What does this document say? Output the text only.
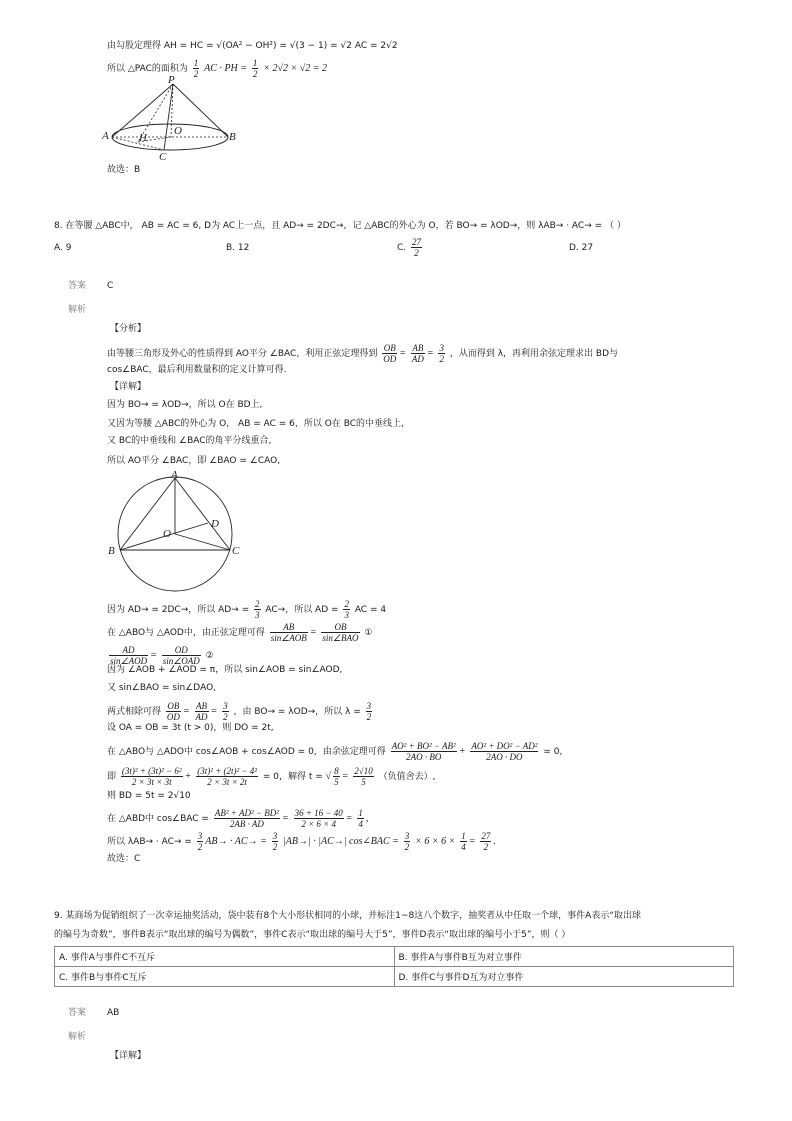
由勾股定理得 AH = HC = √(OA² − OH²) = √(3 − 1) = √2 AC = 2√2
所以 △PAC的面积为 $\frac{1}{2}$ AC · PH = $\frac{1}{2} \times 2√2 \times √2 = 2$
P
A	H
O	B
C
故选：B
8. 在等腰 △ABC中， AB = AC = 6, D为 AC上一点，且 AD→ = 2DC→，记 △ABC的外心为 O，若 BO→ = λOD→，则 λAB→ · AC→ = （ ）
A. 9	B. 12	C. $\frac{27}{2}$	D. 27
答案 C
解析
【分析】
由等腰三角形及外心的性质得到 AO平分 ∠BAC，利用正弦定理得到 $\frac{OB}{OD} = \frac{AB}{AD} = \frac{3}{2}$ ，从而得到 λ，再利用余弦定理求出 BD与
cos∠BAC，最后利用数量积的定义计算可得.
【详解】
因为 BO→ = λOD→，所以 O在 BD上,
又因为等腰 △ABC的外心为 O， AB = AC = 6，所以 O在 BC的中垂线上,
又 BC的中垂线和 ∠BAC的角平分线重合,
所以 AO平分 ∠BAC，即 ∠BAO = ∠CAO,
A
O
D
B	C
因为 AD→ = 2DC→，所以 $AD\to = \frac{2}{3} AC\to$，所以 AD = $\frac{2}{3}$ AC = 4
在 △ABO与 △AOD中，由正弦定理可得 $\frac{AB}{\text{sin∠AOB}} = \frac{OB}{\text{sin∠BAO}}$ ①
$\frac{AD}{\text{sin∠AOD}} = \frac{OD}{\text{sin∠OAD}}$ ②
因为 ∠AOB + ∠AOD = π，所以 sin∠AOB = sin∠AOD,
又 sin∠BAO = sin∠DAO,
两式相除可得 $\frac{OB}{OD} = \frac{AB}{AD} = \frac{3}{2}$ ，由 BO→ = λOD→，所以 $\lambda = \frac{3}{2}$
设 OA = OB = 3t (t > 0)，则 DO = 2t,
在 △ABO与 △ADO中 cos∠AOB + cos∠AOD = 0，由余弦定理可得 $\frac{\text{AO² + BO² − AB²}}{2AO \cdot BO} + \frac{\text{AO² + DO² − AD²}}{2AO \cdot DO} = 0$,
即 $\frac{\text{(3t)² + (3t)² − 6²}}{2 \times 3t \times 3t} + \frac{\text{(3t)² + (2t)² − 4²}}{2 \times 3t \times 2t} = 0$，解得 t = √ $\frac{8}{5} = \frac{2√10}{5}$ （负值舍去）,
则 BD = 5t = 2√10
在 △ABD中 cos∠BAC = $\frac{\text{AB² + AD² − BD²}}{2AB \cdot AD} = \frac{36 + 16 - 40}{2 \times 6 \times 4} = \frac{1}{4}$ ,
所以 $\lambda AB\to \cdot AC\to = \frac{3}{2} AB\to \cdot AC\to = \frac{3}{2} |AB\to| \cdot |AC\to|$ cos∠BAC = $\frac{3}{2} \times 6 \times 6 \times \frac{1}{4} = \frac{27}{2}$ .
故选：C
9. 某商场为促销组织了一次幸运抽奖活动，袋中装有8个大小形状相同的小球，并标注1~8这八个数字，抽奖者从中任取一个球，事件A表示“取出球
的编号为奇数”，事件B表示“取出球的编号为偶数”，事件C表示“取出球的编号大于5”，事件D表示“取出球的编号小于5”，则（ ）
A. 事件A与事件C不互斥	B. 事件A与事件B互为对立事件
C. 事件B与事件C互斥	D. 事件C与事件D互为对立事件
答案 AB
解析
【详解】
